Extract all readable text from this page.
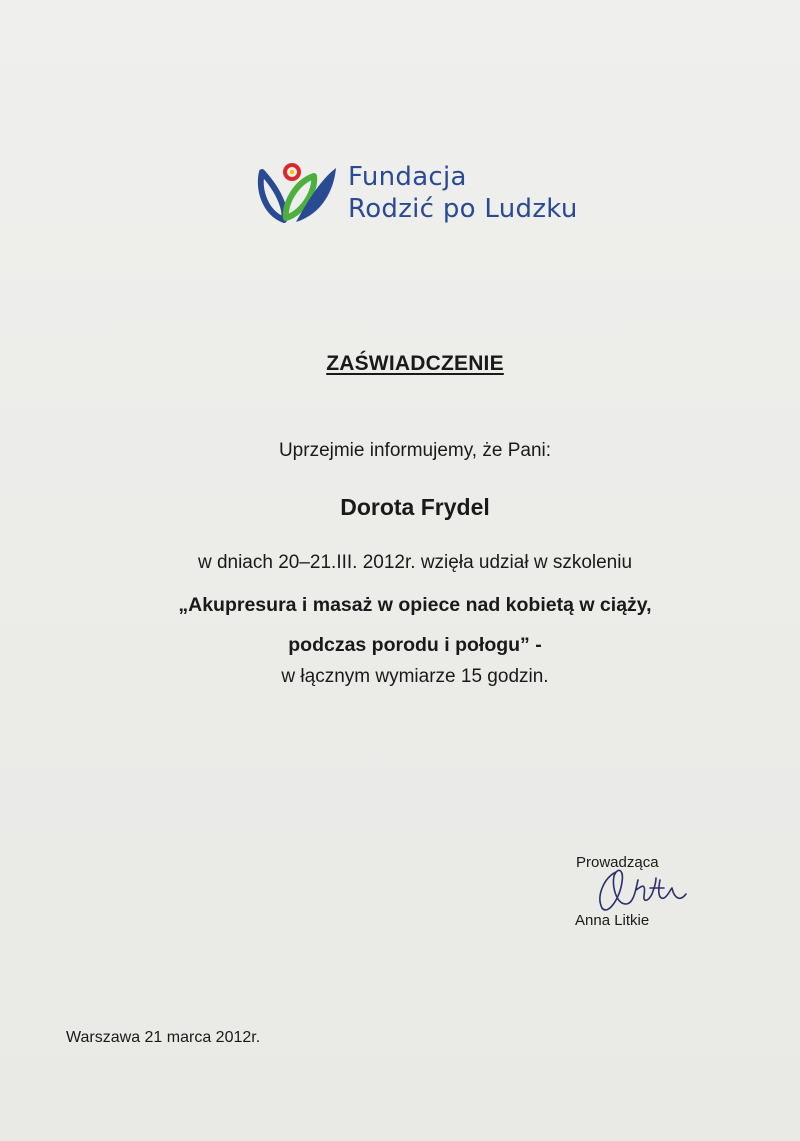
Fundacja
Rodzić po Ludzku
ZAŚWIADCZENIE
Uprzejmie informujemy, że Pani:
Dorota Frydel
w dniach 20–21.III. 2012r. wzięła udział w szkoleniu
„Akupresura i masaż w opiece nad kobietą w ciąży,
podczas porodu i połogu” -
w łącznym wymiarze 15 godzin.
Prowadząca
Anna Litkie
Warszawa 21 marca 2012r.
